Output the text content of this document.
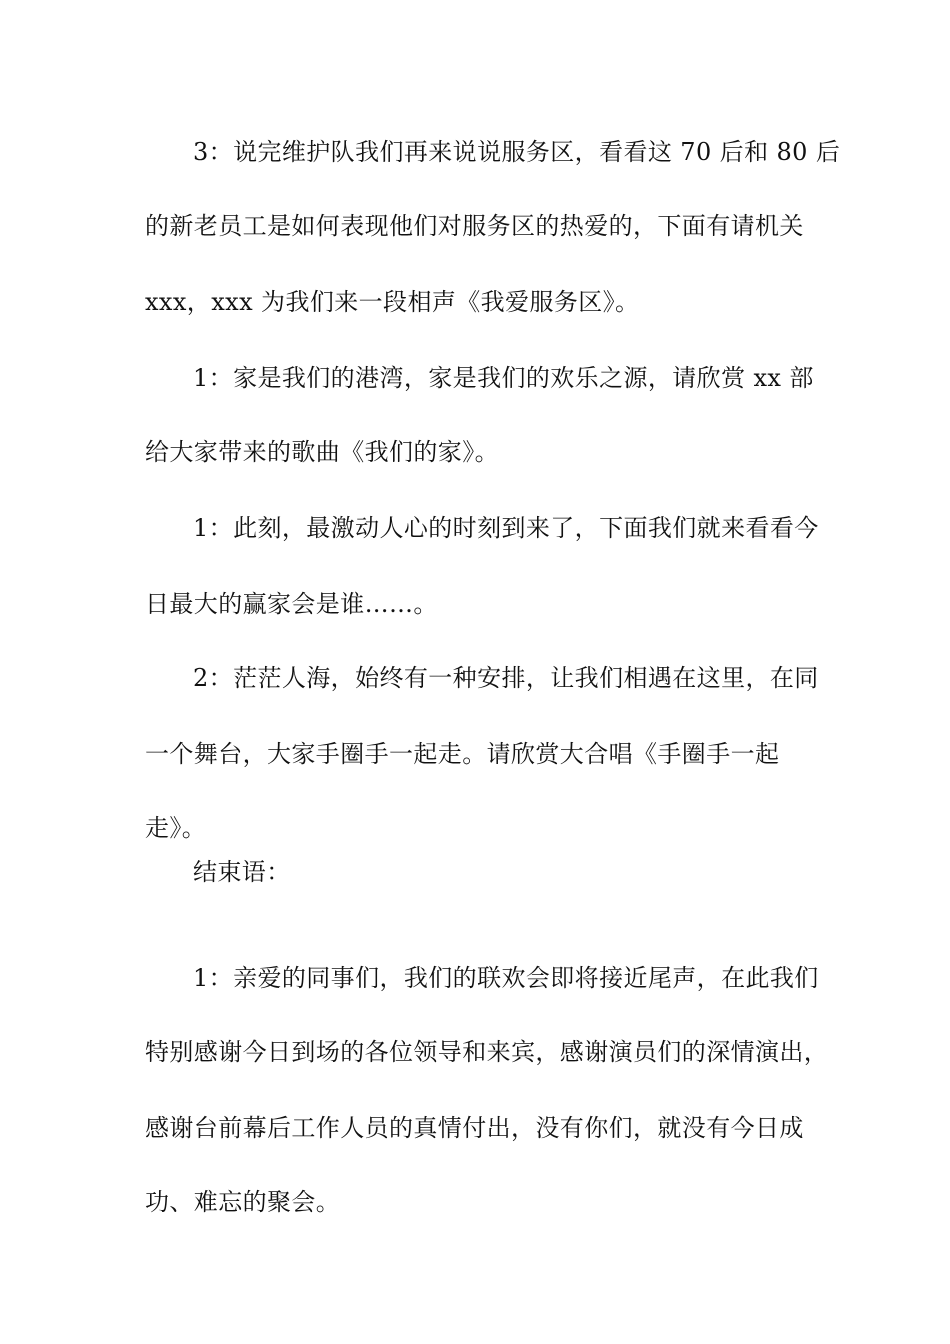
3：说完维护队我们再来说说服务区，看看这 70 后和 80 后
的新老员工是如何表现他们对服务区的热爱的，下面有请机关
xxx，xxx 为我们来一段相声《我爱服务区》。
1：家是我们的港湾，家是我们的欢乐之源，请欣赏 xx 部
给大家带来的歌曲《我们的家》。
1：此刻，最激动人心的时刻到来了，下面我们就来看看今
日最大的赢家会是谁……。
2：茫茫人海，始终有一种安排，让我们相遇在这里，在同
一个舞台，大家手圈手一起走。请欣赏大合唱《手圈手一起
走》。
结束语：
1：亲爱的同事们，我们的联欢会即将接近尾声，在此我们
特别感谢今日到场的各位领导和来宾，感谢演员们的深情演出，
感谢台前幕后工作人员的真情付出，没有你们，就没有今日成
功、难忘的聚会。
